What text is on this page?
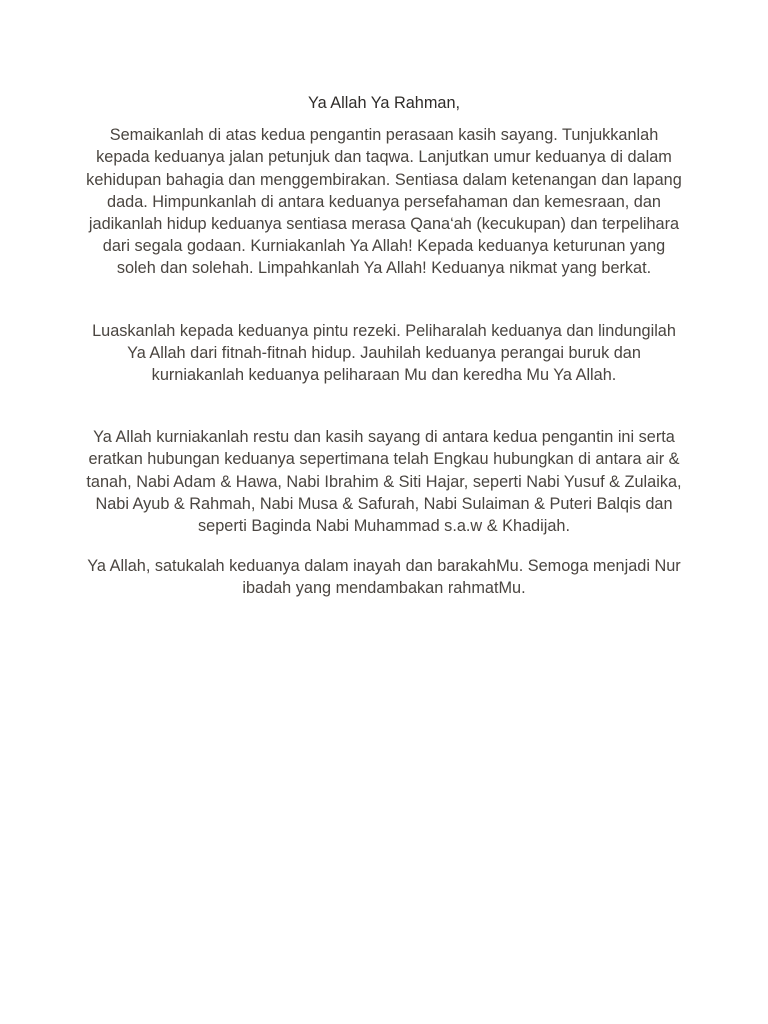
Ya Allah Ya Rahman,

Semaikanlah di atas kedua pengantin perasaan kasih sayang. Tunjukkanlah kepada keduanya jalan petunjuk dan taqwa. Lanjutkan umur keduanya di dalam kehidupan bahagia dan menggembirakan. Sentiasa dalam ketenangan dan lapang dada. Himpunkanlah di antara keduanya persefahaman dan kemesraan, dan jadikanlah hidup keduanya sentiasa merasa Qana‘ah (kecukupan) dan terpelihara dari segala godaan. Kurniakanlah Ya Allah! Kepada keduanya keturunan yang soleh dan solehah. Limpahkanlah Ya Allah! Keduanya nikmat yang berkat.

Luaskanlah kepada keduanya pintu rezeki. Peliharalah keduanya dan lindungilah Ya Allah dari fitnah-fitnah hidup. Jauhilah keduanya perangai buruk dan kurniakanlah keduanya peliharaan Mu dan keredha Mu Ya Allah.

Ya Allah kurniakanlah restu dan kasih sayang di antara kedua pengantin ini serta eratkan hubungan keduanya sepertimana telah Engkau hubungkan di antara air & tanah, Nabi Adam & Hawa, Nabi Ibrahim & Siti Hajar, seperti Nabi Yusuf & Zulaika, Nabi Ayub & Rahmah, Nabi Musa & Safurah, Nabi Sulaiman & Puteri Balqis dan seperti Baginda Nabi Muhammad s.a.w & Khadijah.

Ya Allah, satukalah keduanya dalam inayah dan barakahMu. Semoga menjadi Nur ibadah yang mendambakan rahmatMu.
